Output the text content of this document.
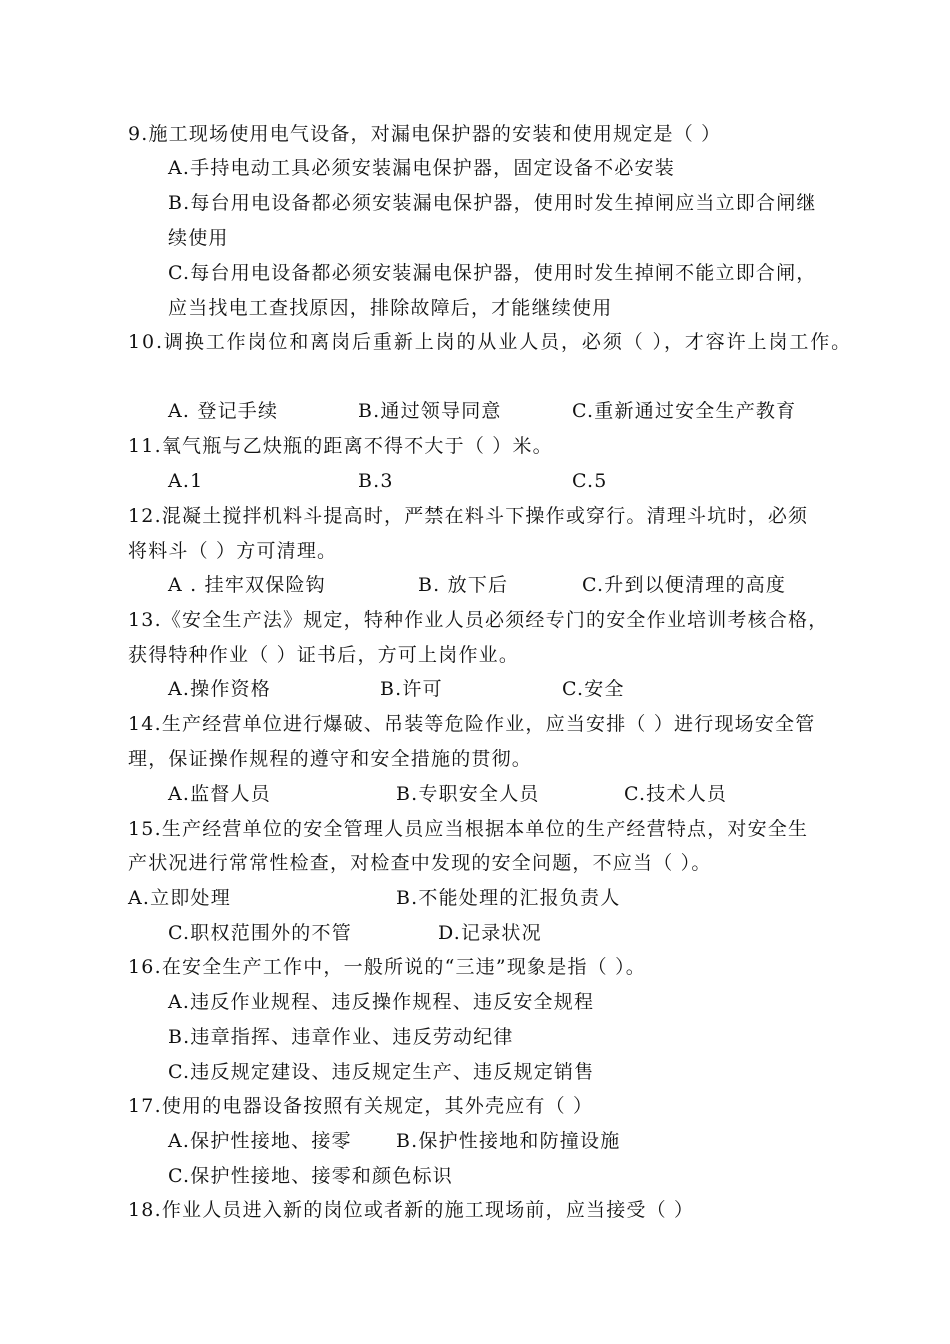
9.施工现场使用电气设备，对漏电保护器的安装和使用规定是（ ）
A.手持电动工具必须安装漏电保护器，固定设备不必安装
B.每台用电设备都必须安装漏电保护器，使用时发生掉闸应当立即合闸继
续使用
C.每台用电设备都必须安装漏电保护器，使用时发生掉闸不能立即合闸，
应当找电工查找原因，排除故障后，才能继续使用
10.调换工作岗位和离岗后重新上岗的从业人员，必须（ ），才容许上岗工作。
A. 登记手续	B.通过领导同意	C.重新通过安全生产教育
11.氧气瓶与乙炔瓶的距离不得不大于（ ）米。
A.1	B.3	C.5
12.混凝土搅拌机料斗提高时，严禁在料斗下操作或穿行。清理斗坑时，必须
将料斗（ ）方可清理。
A . 挂牢双保险钩	B. 放下后	C.升到以便清理的高度
13.《安全生产法》规定，特种作业人员必须经专门的安全作业培训考核合格，
获得特种作业（ ）证书后，方可上岗作业。
A.操作资格	B.许可	C.安全
14.生产经营单位进行爆破、吊装等危险作业，应当安排（ ）进行现场安全管
理，保证操作规程的遵守和安全措施的贯彻。
A.监督人员	B.专职安全人员	C.技术人员
15.生产经营单位的安全管理人员应当根据本单位的生产经营特点，对安全生
产状况进行常常性检查，对检查中发现的安全问题，不应当（ ）。
A.立即处理	B.不能处理的汇报负责人
C.职权范围外的不管	D.记录状况
16.在安全生产工作中，一般所说的“三违”现象是指（ ）。
A.违反作业规程、违反操作规程、违反安全规程
B.违章指挥、违章作业、违反劳动纪律
C.违反规定建设、违反规定生产、违反规定销售
17.使用的电器设备按照有关规定，其外壳应有（ ）
A.保护性接地、接零 B.保护性接地和防撞设施
C.保护性接地、接零和颜色标识
18.作业人员进入新的岗位或者新的施工现场前，应当接受（ ）
